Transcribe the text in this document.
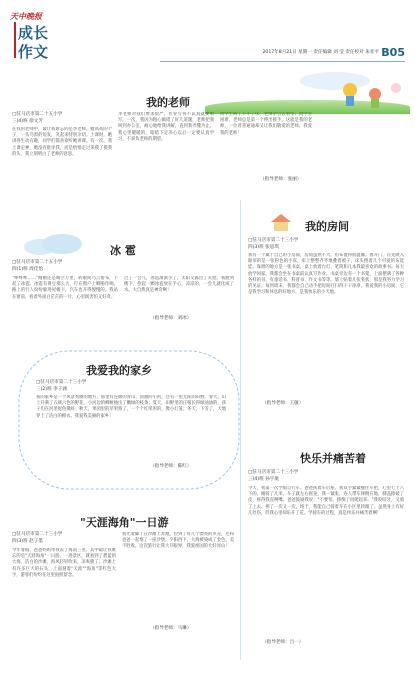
天中晚报
成长
作文	2017年8月21日 星期一 责任编辑 刘 莹 责任校对 朱亚平 B05
我的老师
□驻马店市第二十五小学
三(4)班 徐文芳
在我的老师中，最让我难忘的是李老师。她高高的个子，一头乌黑的短发，笑起来特别亲切。上课时，她讲得生动有趣，同学们都喜欢听她讲课。有一次，我上课走神，她没有批评我，而是悄悄走过来摸了摸我的头，我立刻明白了老师的意思。
李老师对我们要求很严，作业写得不认真就要重写。一次，我因为粗心做错了好几道题，老师把我叫到办公室，耐心地给我讲解，直到我弄懂为止。我心里暖暖的，暗暗下定决心以后一定要认真学习，不辜负老师的期望。
同学生病了下不了床，老师亲自去看望；同学有困难，老师总是第一个伸出援手。这就是我的老师，一位普普通通却又让我们敬爱的老师。我爱我的老师！
（指导老师：张丽）
我的房间
□驻马店市第二十三小学
四(3)班 张思琪
我有一个属于自己的小房间，房间虽然不大，但布置得很温馨。推开门，首先映入眼帘的是一张粉色的小床，床上整整齐齐地叠着被子，床头摆着几个可爱的布娃娃。靠窗的地方是一张书桌，桌上放着台灯、笔筒和几本我最喜欢的故事书。每天放学回家，我都会坐在书桌前认真写作业。书桌旁边有一个书架，上面摆满了各种各样的书，有童话书、科普书、作文书等等。墙上贴着几张奖状，那是我努力学习的见证。每到周末，我都会自己动手把房间打扫得干干净净。我爱我的小房间，它是我学习和休息的好地方，是我快乐的小天地。
（指导老师：王敏）
冰 雹
□驻马店市第二十五小学
四(1)班 周佳怡
"哗哗哗……"刚刚还是晴空万里，转眼间乌云密布，下起了冰雹。冰雹有黄豆那么大，打在窗户上噼啪作响。路上的行人纷纷躲进屋檐下，汽车也开得慢慢的。我站在窗前，看着外面白茫茫的一片，心里既害怕又好奇。
过了一会儿，冰雹渐渐小了，太阳又露出了笑脸。我跑到楼下，捡起一颗冰雹放在手心，凉凉的，一会儿就化成了水。大自然真是神奇啊！
（指导老师：刘冰）
我爱我的家乡
□驻马店市第二十三小学
三(2)班 李子涵
我的家乡是一个风景秀丽的地方，那里有连绵的青山，清澈的小河，还有一望无际的田野。春天，山上开满了五颜六色的野花，小河边的柳树抽出了嫩绿的枝条；夏天，田野里的庄稼长得绿油油的，孩子们在河里捉鱼摸虾；秋天，果园里的苹果熟了，一个个红彤彤的，像小灯笼；冬天，下雪了，大地穿上了洁白的棉衣。我爱我美丽的家乡！
（指导老师：陈红）
快乐并痛苦着
□驻马店市第二十三小学
三(4)班 孙宇航
今天，我第一次学骑自行车。爸爸扶着车后座，我双手紧紧握住车把，心里七上八下的。刚骑了几米，车子就左右摇晃，我一紧张，连人带车摔倒在地，膝盖擦破了皮，疼得我直咧嘴。爸爸鼓励我说："不要怕，摔倒了再爬起来。"我咬咬牙，又骑了上去。摔了一次又一次，终于，我能自己骑着车在小区里转圈了。虽然身上有好几处伤，但我心里却乐开了花。学骑车的过程，真是快乐并痛苦着啊！
（指导老师：吕一）
"天涯海角"一日游
□驻马店市第二十三小学
四(3)班 赵子墨
今年暑假，爸爸妈妈带我去了海南三亚，其中最让我难忘的是"天涯海角"一日游。一进景区，就看到了碧蓝的大海，洁白的沙滩，海风轻轻吹来，凉爽极了。沙滩上有许多巨大的石头，上面刻着"天涯""海角"等红色大字，游客们纷纷在这里拍照留念。
我光着脚丫在沙滩上奔跑，捡到了好几个漂亮的贝壳，还和爸爸一起堆了一座沙堡。夕阳西下，大海被染成了金色，美不胜收。这次旅行让我大开眼界，我爱祖国的大好河山！
（指导老师：马琳）
